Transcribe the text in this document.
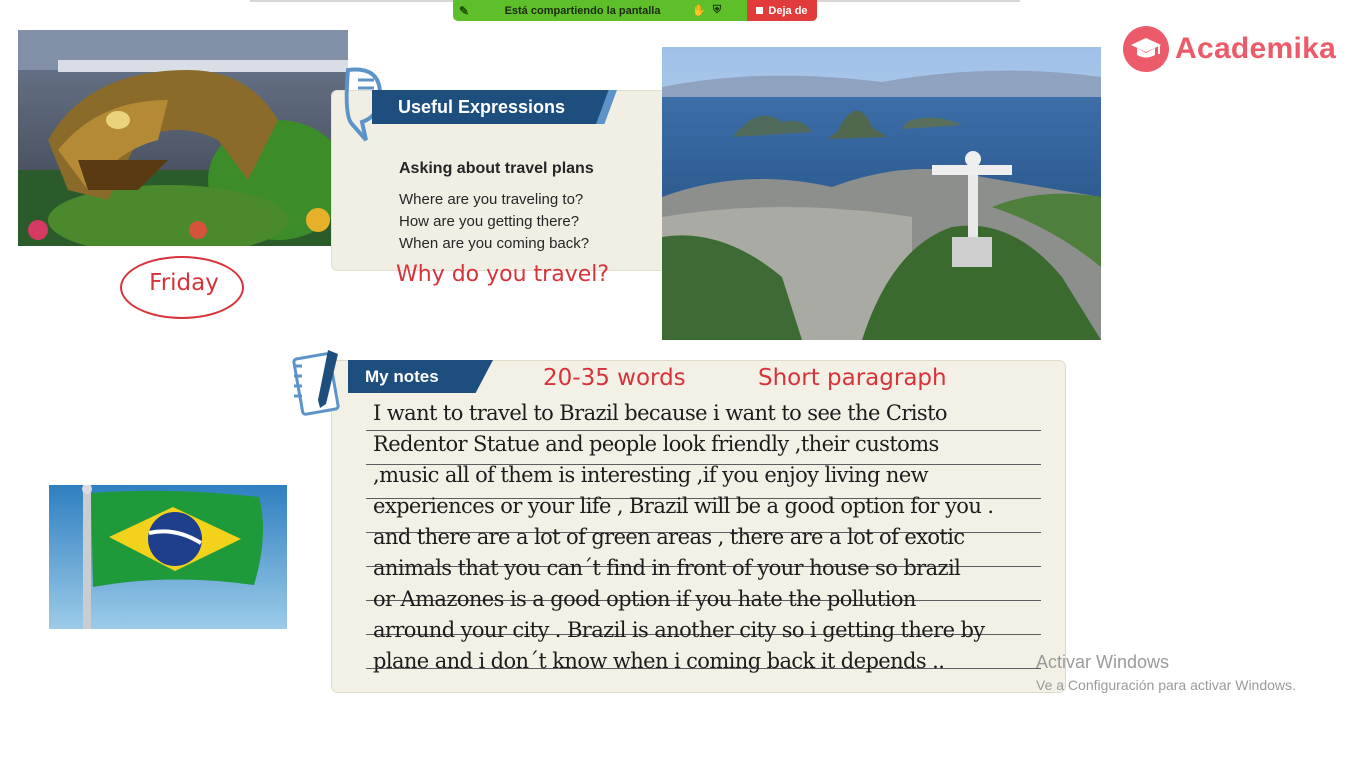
✎	Está compartiendo la pantalla	✋ ⛨	Deja de
Academika
Friday
Useful Expressions
Asking about travel plans
Where are you traveling to?
How are you getting there?
When are you coming back?
Why do you travel?
My notes	20-35 words	Short paragraph
I want to travel to Brazil because i want to see the Cristo
Redentor Statue and people look friendly ,their customs
,music all of them is interesting ,if you enjoy living new
experiences or your life , Brazil will be a good option for you .
and there are a lot of green areas , there are a lot of exotic
animals that you can´t find in front of your house so brazil
or Amazones is a good option if you hate the pollution
arround your city . Brazil is another city so i getting there by
plane and i don´t know when i coming back it depends ..	Activar Windows
Ve a Configuración para activar Windows.
